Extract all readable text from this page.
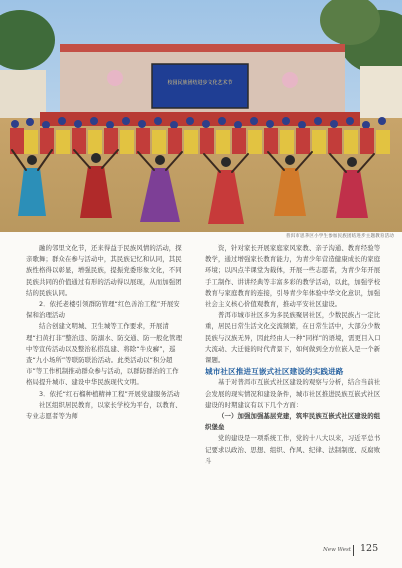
校园民族团结进步文化艺术节
普洱市思茅区小学生参加民族团结进步主题教育活动

融的邻里文化节，还来得益于民族风情的活动，探亲歌舞；群众在参与活动中，其民族记忆和认同，其民族性格得以彰显，增强民族，提振党委形象文化，不同民族共同的价值通过有形的活动得以展现，从而加强团结的民族认同。

2．依托老楼引领群防管理“红色善治工程”开展安保和治理活动

结合创建文明城、卫生城等工作要求，开展清理“扫黄打非”整治违、防溺水、防交通、防一般化管理中等宣传活动以及整治私搭乱建、将除“牛皮癣”，巡查“九小场所”等联防联治活动。此类活动以“积分超市”等工作机制推动群众参与活动，以群防群治的工作格局提升城市、建设中华民族现代文明。

3．依托“红石榴种植精神工程”开展党建服务活动

社区组织居民教育，以家长学校为平台，以教育、专业志愿者等为师

资，针对家长开展家庭家风家教、亲子沟通、教育经验等教学，通过增强家长教育能力，为青少年营造健康成长的家庭环境；以四点半课堂为载体，开展一些志愿者，为青少年开展手工制作、讲讲经典等丰富多彩的教学活动，以此，加强学校教育与家庭教育的连接，引导青少年体验中华文化意识，加强社会主义核心价值观教育，推动平安社区建设。

普洱市城市社区多为多民族聚居社区，少数民族占一定比重，居民日常生活文化交流频繁，在日常生活中，大部分少数民族与汉族无异，因此经由人一种“同样”的语境，需更目入口大流动、大迁徙的时代背景下，如何做到全方位嵌入是一个新课题。

城市社区推进互嵌式社区建设的实践进路

基于对普洱市互嵌式社区建设的观察与分析，结合当前社会发展的现实情况和建设条件，城市社区推进民族互嵌式社区建设的时期建议有以下几个方面：

（一）加强加强基层党建，筑牢民族互嵌式社区建设的组织堡垒

党的建设是一项系统工作，党的十八大以来，习近平总书记要求以政治、思想、组织、作风、纪律、法制制度、反腐败斗

New West 125
